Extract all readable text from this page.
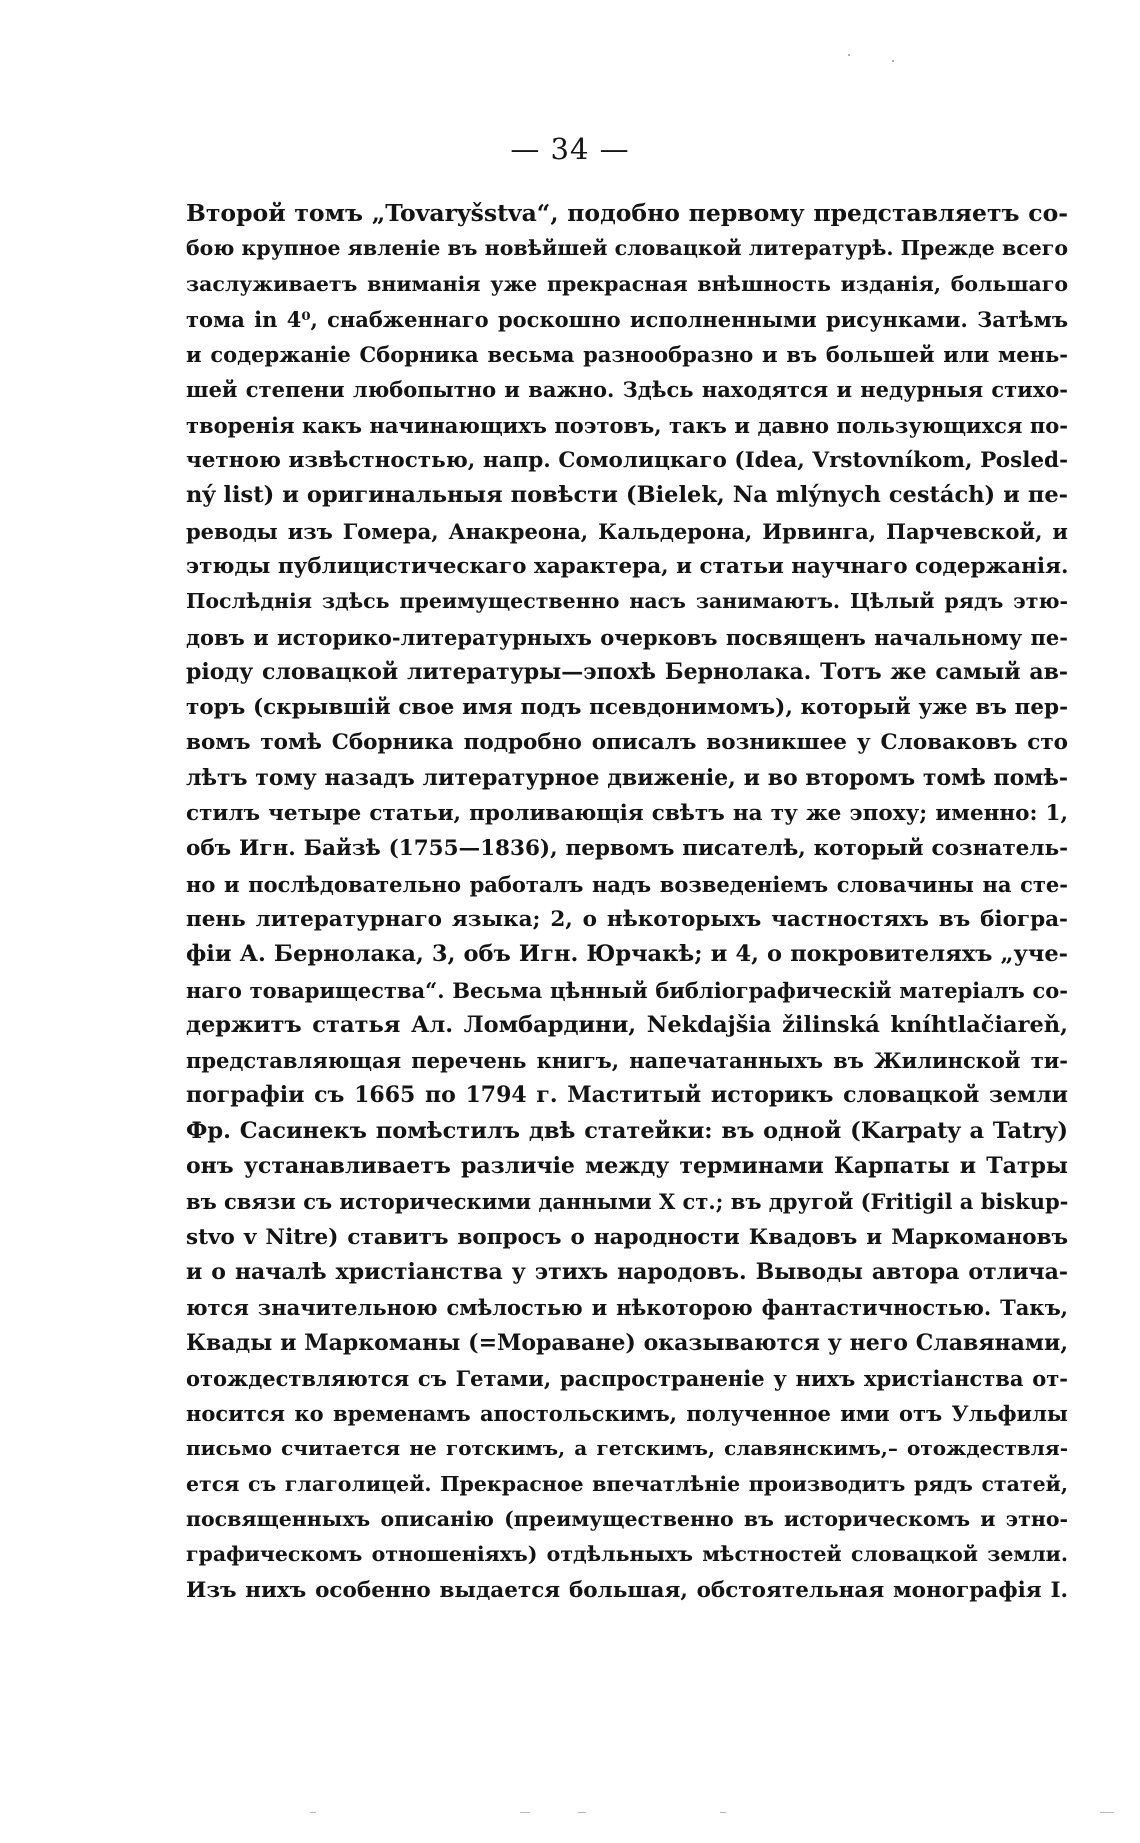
— 34 —
Второй томъ „Tovaryšstva“, подобно первому представляетъ со-
бою крупное явленіе въ новѣйшей словацкой литературѣ. Прежде всего
заслуживаетъ вниманія уже прекрасная внѣшность изданія, большаго
тома in 4⁰, снабженнаго роскошно исполненными рисунками. Затѣмъ
и содержаніе Сборника весьма разнообразно и въ большей или мень-
шей степени любопытно и важно. Здѣсь находятся и недурныя стихо-
творенія какъ начинающихъ поэтовъ, такъ и давно пользующихся по-
четною извѣстностью, напр. Сомолицкаго (Idea, Vrstovníkom, Posled-
ný list) и оригинальныя повѣсти (Bielek, Na mlýnych cestách) и пе-
реводы изъ Гомера, Анакреона, Кальдерона, Ирвинга, Парчевской, и
этюды публицистическаго характера, и статьи научнаго содержанія.
Послѣднія здѣсь преимущественно насъ занимаютъ. Цѣлый рядъ этю-
довъ и историко-литературныхъ очерковъ посвященъ начальному пе-
ріоду словацкой литературы—эпохѣ Бернолака. Тотъ же самый ав-
торъ (скрывшій свое имя подъ псевдонимомъ), который уже въ пер-
вомъ томѣ Сборника подробно описалъ возникшее у Словаковъ сто
лѣтъ тому назадъ литературное движеніе, и во второмъ томѣ помѣ-
стилъ четыре статьи, проливающія свѣтъ на ту же эпоху; именно: 1,
объ Игн. Байзѣ (1755—1836), первомъ писателѣ, который сознатель-
но и послѣдовательно работалъ надъ возведеніемъ словачины на сте-
пень литературнаго языка; 2, о нѣкоторыхъ частностяхъ въ біогра-
фіи А. Бернолака, 3, объ Игн. Юрчакѣ; и 4, о покровителяхъ „уче-
наго товарищества“. Весьма цѣнный библіографическій матеріалъ со-
держитъ статья Ал. Ломбардини, Nekdajšia žilinská kníhtlačiareň,
представляющая перечень книгъ, напечатанныхъ въ Жилинской ти-
пографіи съ 1665 по 1794 г. Маститый историкъ словацкой земли
Фр. Сасинекъ помѣстилъ двѣ статейки: въ одной (Karpaty a Tatry)
онъ устанавливаетъ различіе между терминами Карпаты и Татры
въ связи съ историческими данными X ст.; въ другой (Fritigil a biskup-
stvo v Nitre) ставитъ вопросъ о народности Квадовъ и Маркомановъ
и о началѣ христіанства у этихъ народовъ. Выводы автора отлича-
ются значительною смѣлостью и нѣкоторою фантастичностью. Такъ,
Квады и Маркоманы (=Мораване) оказываются у него Славянами,
отождествляются съ Гетами, распространеніе у нихъ христіанства от-
носится ко временамъ апостольскимъ, полученное ими отъ Ульфилы
письмо считается не готскимъ, а гетскимъ, славянскимъ,– отождествля-
ется съ глаголицей. Прекрасное впечатлѣніе производитъ рядъ статей,
посвященныхъ описанію (преимущественно въ историческомъ и этно-
графическомъ отношеніяхъ) отдѣльныхъ мѣстностей словацкой земли.
Изъ нихъ особенно выдается большая, обстоятельная монографія I.
